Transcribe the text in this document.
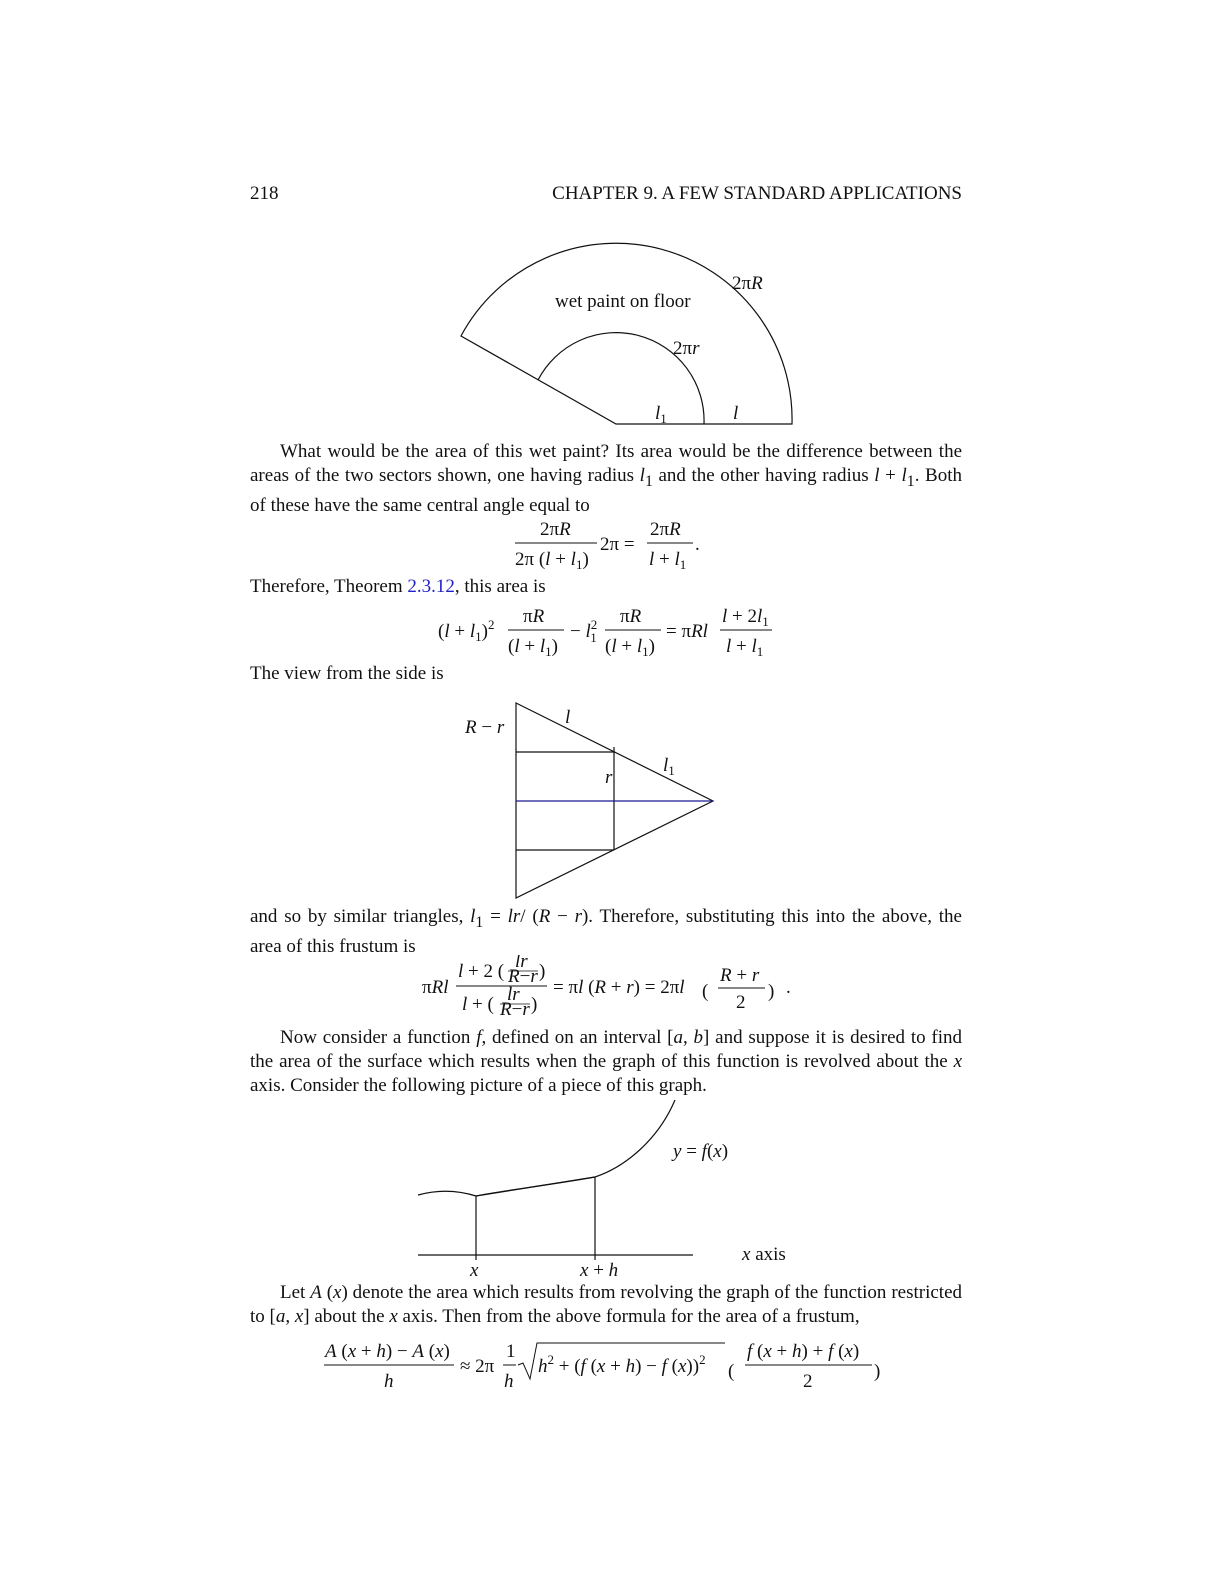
218	CHAPTER 9. A FEW STANDARD APPLICATIONS
wet paint on floor
2πR
2πr
$l_1$	l
What would be the area of this wet paint? Its area would be the difference between the areas of the two sectors shown, one having radius $l_1$ and the other having radius $l + l_1$. Both of these have the same central angle equal to
2πR
2π $(l + l_1)$
2π =
2πR
$l + l_1$
.
Therefore, Theorem 2.3.12, this area is
$(l + l_1)^2$ πR
$(l + l_1)$
− $l^2$ 1
πR
$(l + l_1)$
= πRl
$l + 2l_1$
$l + l_1$
The view from the side is
R − r	l
$l_1$
r
and so by similar triangles, $l_1 = lr/$ (R − r). Therefore, substituting this into the above, the area of this frustum is
πRl
l + 2 ( lr
R−r )
l + ( lr
R−r )
= πl (R + r) = 2πl (
R + r
2
) .
Now consider a function f, defined on an interval [a, b] and suppose it is desired to find the area of the surface which results when the graph of this function is revolved about the x axis. Consider the following picture of a piece of this graph.
y = f(x)
x axis
x	x + h
Let A (x) denote the area which results from revolving the graph of the function restricted to [a, x] about the x axis. Then from the above formula for the area of a frustum,
A (x + h) − A (x)
h
≈ 2π
1
h
$h^2 + (f$ (x + h) − f (x))$^2$
(
f (x + h) + f (x)
2	)
